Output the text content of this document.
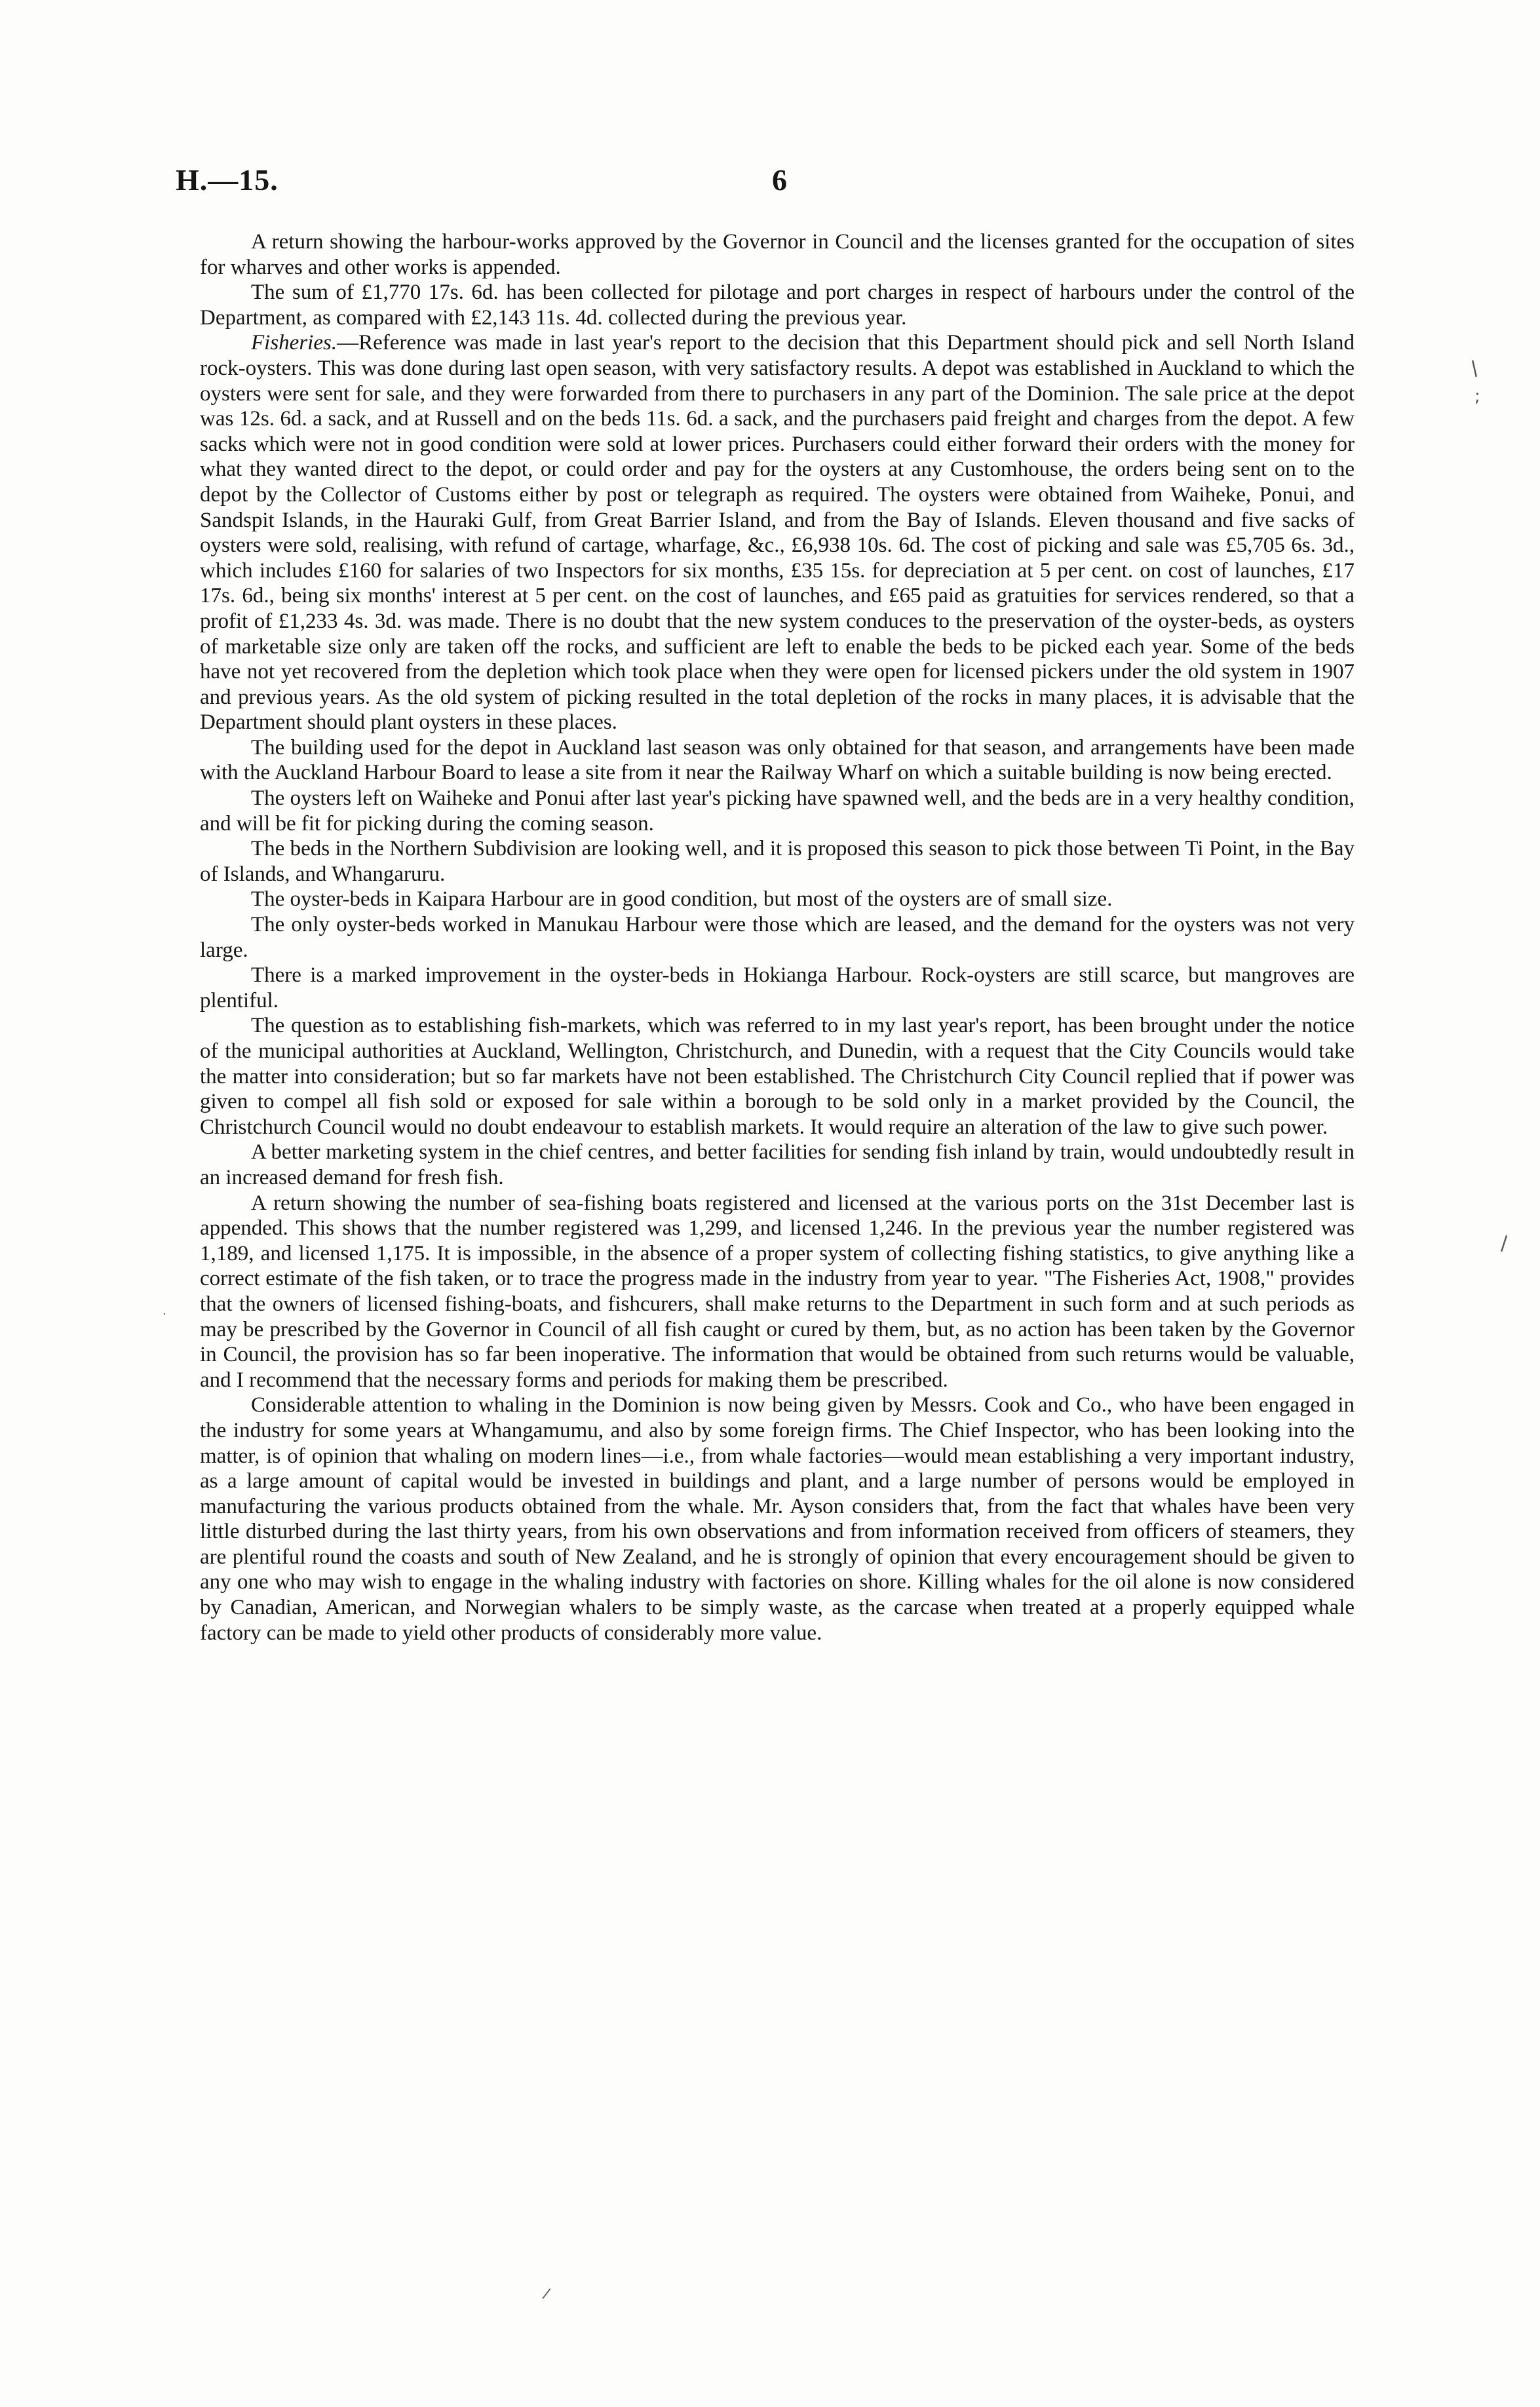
H.—15.	6

A return showing the harbour-works approved by the Governor in Council and the licenses granted for the occupation of sites for wharves and other works is appended.

The sum of £1,770 17s. 6d. has been collected for pilotage and port charges in respect of harbours under the control of the Department, as compared with £2,143 11s. 4d. collected during the previous year.

Fisheries.—Reference was made in last year's report to the decision that this Department should pick and sell North Island rock-oysters. This was done during last open season, with very satisfactory results. A depot was established in Auckland to which the oysters were sent for sale, and they were forwarded from there to purchasers in any part of the Dominion. The sale price at the depot was 12s. 6d. a sack, and at Russell and on the beds 11s. 6d. a sack, and the purchasers paid freight and charges from the depot. A few sacks which were not in good condition were sold at lower prices. Purchasers could either forward their orders with the money for what they wanted direct to the depot, or could order and pay for the oysters at any Customhouse, the orders being sent on to the depot by the Collector of Customs either by post or telegraph as required. The oysters were obtained from Waiheke, Ponui, and Sandspit Islands, in the Hauraki Gulf, from Great Barrier Island, and from the Bay of Islands. Eleven thousand and five sacks of oysters were sold, realising, with refund of cartage, wharfage, &c., £6,938 10s. 6d. The cost of picking and sale was £5,705 6s. 3d., which includes £160 for salaries of two Inspectors for six months, £35 15s. for depreciation at 5 per cent. on cost of launches, £17 17s. 6d., being six months' interest at 5 per cent. on the cost of launches, and £65 paid as gratuities for services rendered, so that a profit of £1,233 4s. 3d. was made. There is no doubt that the new system conduces to the preservation of the oyster-beds, as oysters of marketable size only are taken off the rocks, and sufficient are left to enable the beds to be picked each year. Some of the beds have not yet recovered from the depletion which took place when they were open for licensed pickers under the old system in 1907 and previous years. As the old system of picking resulted in the total depletion of the rocks in many places, it is advisable that the Department should plant oysters in these places.

The building used for the depot in Auckland last season was only obtained for that season, and arrangements have been made with the Auckland Harbour Board to lease a site from it near the Railway Wharf on which a suitable building is now being erected.

The oysters left on Waiheke and Ponui after last year's picking have spawned well, and the beds are in a very healthy condition, and will be fit for picking during the coming season.

The beds in the Northern Subdivision are looking well, and it is proposed this season to pick those between Ti Point, in the Bay of Islands, and Whangaruru.

The oyster-beds in Kaipara Harbour are in good condition, but most of the oysters are of small size.

The only oyster-beds worked in Manukau Harbour were those which are leased, and the demand for the oysters was not very large.

There is a marked improvement in the oyster-beds in Hokianga Harbour. Rock-oysters are still scarce, but mangroves are plentiful.

The question as to establishing fish-markets, which was referred to in my last year's report, has been brought under the notice of the municipal authorities at Auckland, Wellington, Christchurch, and Dunedin, with a request that the City Councils would take the matter into consideration; but so far markets have not been established. The Christchurch City Council replied that if power was given to compel all fish sold or exposed for sale within a borough to be sold only in a market provided by the Council, the Christchurch Council would no doubt endeavour to establish markets. It would require an alteration of the law to give such power.

A better marketing system in the chief centres, and better facilities for sending fish inland by train, would undoubtedly result in an increased demand for fresh fish.

A return showing the number of sea-fishing boats registered and licensed at the various ports on the 31st December last is appended. This shows that the number registered was 1,299, and licensed 1,246. In the previous year the number registered was 1,189, and licensed 1,175. It is impossible, in the absence of a proper system of collecting fishing statistics, to give anything like a correct estimate of the fish taken, or to trace the progress made in the industry from year to year. "The Fisheries Act, 1908," provides that the owners of licensed fishing-boats, and fishcurers, shall make returns to the Department in such form and at such periods as may be prescribed by the Governor in Council of all fish caught or cured by them, but, as no action has been taken by the Governor in Council, the provision has so far been inoperative. The information that would be obtained from such returns would be valuable, and I recommend that the necessary forms and periods for making them be prescribed.

Considerable attention to whaling in the Dominion is now being given by Messrs. Cook and Co., who have been engaged in the industry for some years at Whangamumu, and also by some foreign firms. The Chief Inspector, who has been looking into the matter, is of opinion that whaling on modern lines—i.e., from whale factories—would mean establishing a very important industry, as a large amount of capital would be invested in buildings and plant, and a large number of persons would be employed in manufacturing the various products obtained from the whale. Mr. Ayson considers that, from the fact that whales have been very little disturbed during the last thirty years, from his own observations and from information received from officers of steamers, they are plentiful round the coasts and south of New Zealand, and he is strongly of opinion that every encouragement should be given to any one who may wish to engage in the whaling industry with factories on shore. Killing whales for the oil alone is now considered by Canadian, American, and Norwegian whalers to be simply waste, as the carcase when treated at a properly equipped whale factory can be made to yield other products of considerably more value.

/
;
\
.
/
